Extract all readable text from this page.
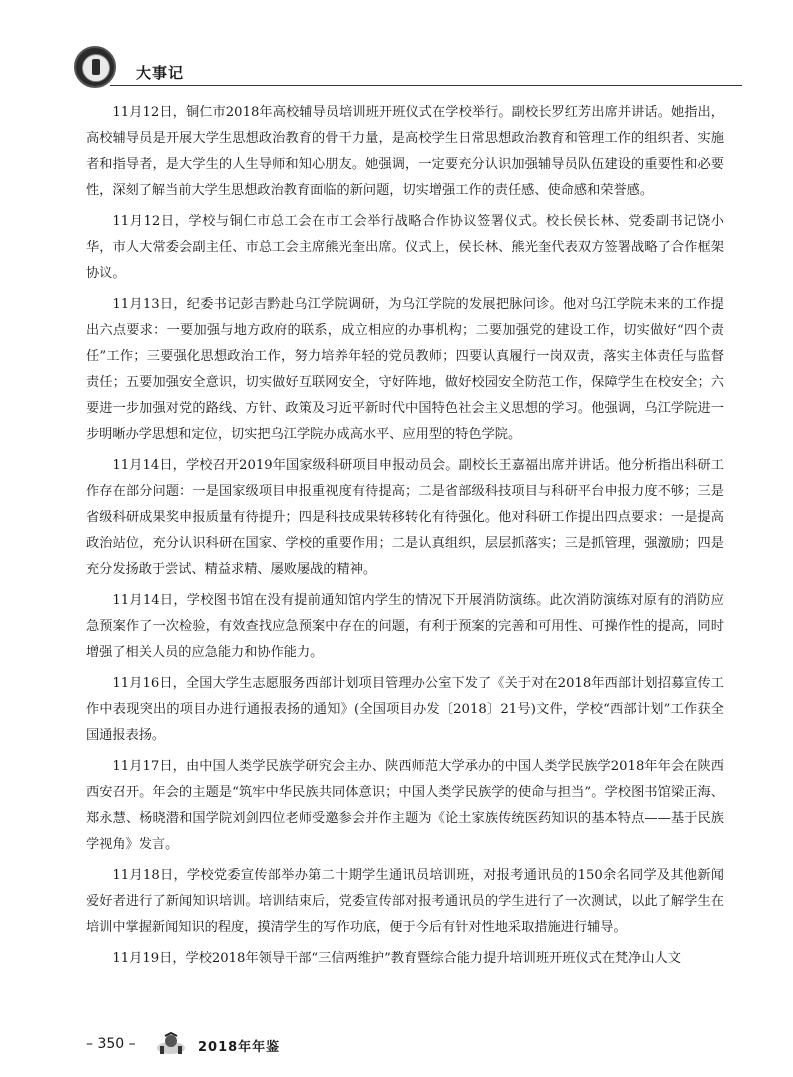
大事记

11月12日，铜仁市2018年高校辅导员培训班开班仪式在学校举行。副校长罗红芳出席并讲话。她指出，高校辅导员是开展大学生思想政治教育的骨干力量，是高校学生日常思想政治教育和管理工作的组织者、实施者和指导者，是大学生的人生导师和知心朋友。她强调，一定要充分认识加强辅导员队伍建设的重要性和必要性，深刻了解当前大学生思想政治教育面临的新问题，切实增强工作的责任感、使命感和荣誉感。

11月12日，学校与铜仁市总工会在市工会举行战略合作协议签署仪式。校长侯长林、党委副书记饶小华，市人大常委会副主任、市总工会主席熊光奎出席。仪式上，侯长林、熊光奎代表双方签署战略了合作框架协议。

11月13日，纪委书记彭吉黔赴乌江学院调研，为乌江学院的发展把脉问诊。他对乌江学院未来的工作提出六点要求：一要加强与地方政府的联系，成立相应的办事机构；二要加强党的建设工作，切实做好“四个责任”工作；三要强化思想政治工作，努力培养年轻的党员教师；四要认真履行一岗双责，落实主体责任与监督责任；五要加强安全意识，切实做好互联网安全，守好阵地，做好校园安全防范工作，保障学生在校安全；六要进一步加强对党的路线、方针、政策及习近平新时代中国特色社会主义思想的学习。他强调，乌江学院进一步明晰办学思想和定位，切实把乌江学院办成高水平、应用型的特色学院。

11月14日，学校召开2019年国家级科研项目申报动员会。副校长王嘉福出席并讲话。他分析指出科研工作存在部分问题：一是国家级项目申报重视度有待提高；二是省部级科技项目与科研平台申报力度不够；三是省级科研成果奖申报质量有待提升；四是科技成果转移转化有待强化。他对科研工作提出四点要求：一是提高政治站位，充分认识科研在国家、学校的重要作用；二是认真组织，层层抓落实；三是抓管理，强激励；四是充分发扬敢于尝试、精益求精、屡败屡战的精神。

11月14日，学校图书馆在没有提前通知馆内学生的情况下开展消防演练。此次消防演练对原有的消防应急预案作了一次检验，有效查找应急预案中存在的问题，有利于预案的完善和可用性、可操作性的提高，同时增强了相关人员的应急能力和协作能力。

11月16日，全国大学生志愿服务西部计划项目管理办公室下发了《关于对在2018年西部计划招募宣传工作中表现突出的项目办进行通报表扬的通知》(全国项目办发〔2018〕21号)文件，学校“西部计划”工作获全国通报表扬。

11月17日，由中国人类学民族学研究会主办、陕西师范大学承办的中国人类学民族学2018年年会在陕西西安召开。年会的主题是“筑牢中华民族共同体意识；中国人类学民族学的使命与担当”。学校图书馆梁正海、郑永慧、杨晓潜和国学院刘剑四位老师受邀参会并作主题为《论土家族传统医药知识的基本特点——基于民族学视角》发言。

11月18日，学校党委宣传部举办第二十期学生通讯员培训班，对报考通讯员的150余名同学及其他新闻爱好者进行了新闻知识培训。培训结束后，党委宣传部对报考通讯员的学生进行了一次测试，以此了解学生在培训中掌握新闻知识的程度，摸清学生的写作功底，便于今后有针对性地采取措施进行辅导。

11月19日，学校2018年领导干部“三信两维护”教育暨综合能力提升培训班开班仪式在梵净山人文

– 350 –	2018年年鉴
